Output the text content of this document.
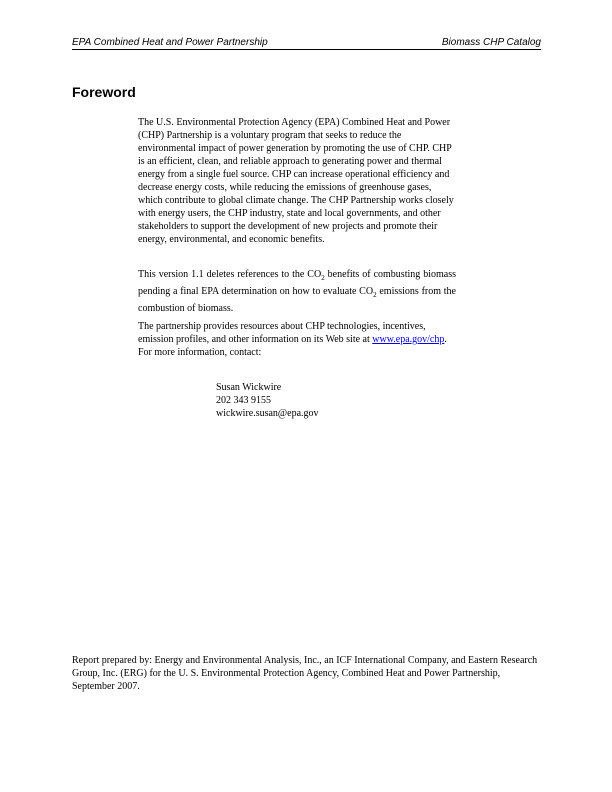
EPA Combined Heat and Power Partnership	Biomass CHP Catalog
Foreword

The U.S. Environmental Protection Agency (EPA) Combined Heat and Power (CHP) Partnership is a voluntary program that seeks to reduce the environmental impact of power generation by promoting the use of CHP. CHP is an efficient, clean, and reliable approach to generating power and thermal energy from a single fuel source. CHP can increase operational efficiency and decrease energy costs, while reducing the emissions of greenhouse gases, which contribute to global climate change. The CHP Partnership works closely with energy users, the CHP industry, state and local governments, and other stakeholders to support the development of new projects and promote their energy, environmental, and economic benefits.

This version 1.1 deletes references to the $CO_2$ benefits of combusting biomass pending a final EPA determination on how to evaluate $CO_2$ emissions from the combustion of biomass.

The partnership provides resources about CHP technologies, incentives, emission profiles, and other information on its Web site at www.epa.gov/chp. For more information, contact:

Susan Wickwire
202 343 9155
wickwire.susan@epa.gov

Report prepared by: Energy and Environmental Analysis, Inc., an ICF International Company, and Eastern Research Group, Inc. (ERG) for the U. S. Environmental Protection Agency, Combined Heat and Power Partnership, September 2007.
